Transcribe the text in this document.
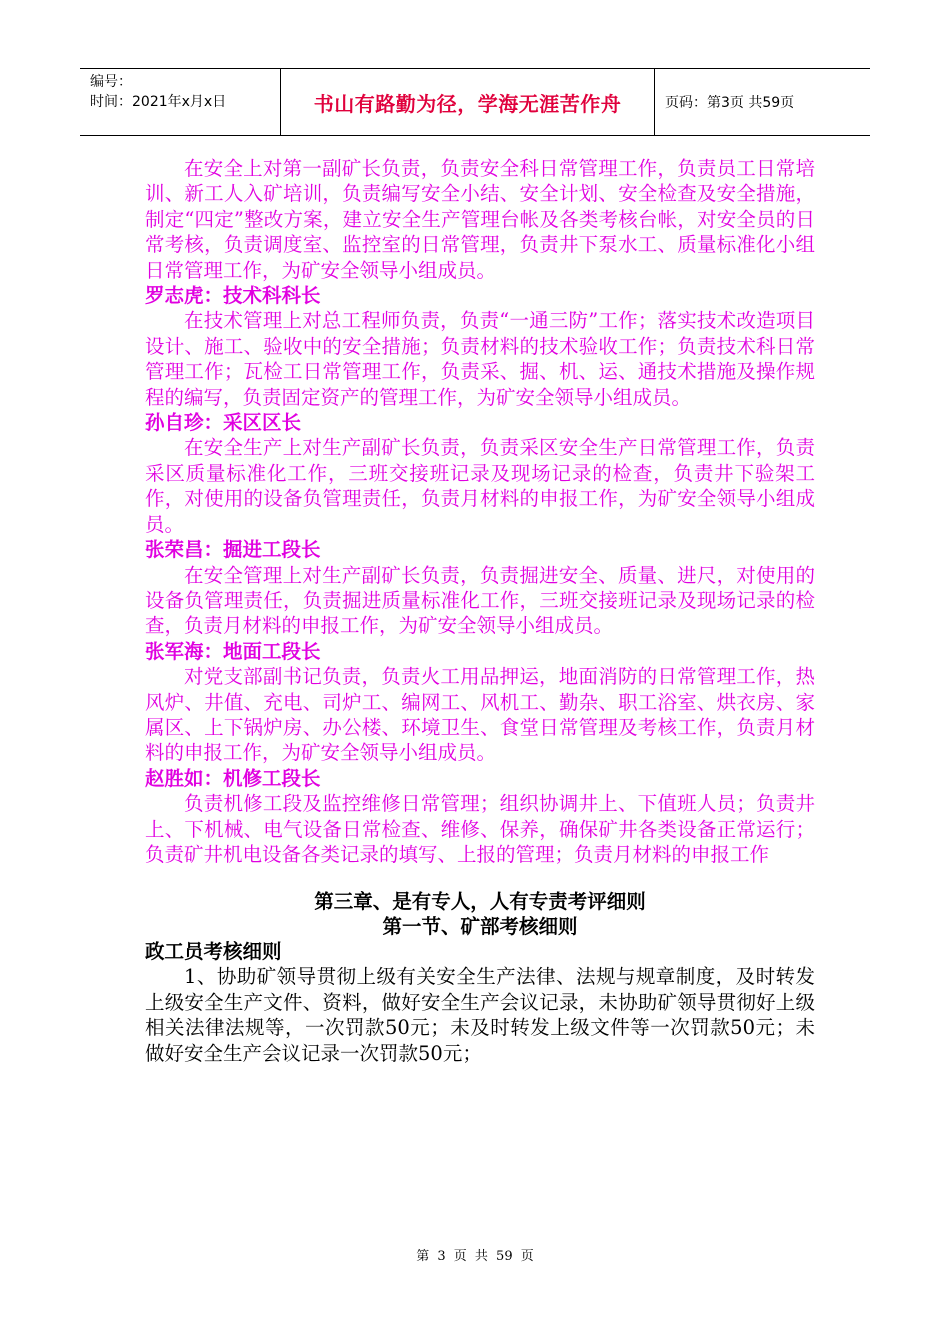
编号：
时间：2021年x月x日	书山有路勤为径，学海无涯苦作舟	页码：第3页 共59页

在安全上对第一副矿长负责，负责安全科日常管理工作，负责员工日常培训、新工人入矿培训，负责编写安全小结、安全计划、安全检查及安全措施，制定“四定”整改方案，建立安全生产管理台帐及各类考核台帐，对安全员的日常考核，负责调度室、监控室的日常管理，负责井下泵水工、质量标准化小组日常管理工作，为矿安全领导小组成员。

罗志虎：技术科科长

在技术管理上对总工程师负责，负责“一通三防”工作；落实技术改造项目设计、施工、验收中的安全措施；负责材料的技术验收工作；负责技术科日常管理工作；瓦检工日常管理工作，负责采、掘、机、运、通技术措施及操作规程的编写，负责固定资产的管理工作，为矿安全领导小组成员。

孙自珍：采区区长

在安全生产上对生产副矿长负责，负责采区安全生产日常管理工作，负责采区质量标准化工作，三班交接班记录及现场记录的检查，负责井下验架工作，对使用的设备负管理责任，负责月材料的申报工作，为矿安全领导小组成员。

张荣昌：掘进工段长

在安全管理上对生产副矿长负责，负责掘进安全、质量、进尺，对使用的设备负管理责任，负责掘进质量标准化工作，三班交接班记录及现场记录的检查，负责月材料的申报工作，为矿安全领导小组成员。

张军海：地面工段长

对党支部副书记负责，负责火工用品押运，地面消防的日常管理工作，热风炉、井值、充电、司炉工、编网工、风机工、勤杂、职工浴室、烘衣房、家属区、上下锅炉房、办公楼、环境卫生、食堂日常管理及考核工作，负责月材料的申报工作，为矿安全领导小组成员。

赵胜如：机修工段长

负责机修工段及监控维修日常管理；组织协调井上、下值班人员；负责井上、下机械、电气设备日常检查、维修、保养，确保矿井各类设备正常运行；负责矿井机电设备各类记录的填写、上报的管理；负责月材料的申报工作

第三章、是有专人，人有专责考评细则

第一节、矿部考核细则

政工员考核细则

1、协助矿领导贯彻上级有关安全生产法律、法规与规章制度，及时转发上级安全生产文件、资料，做好安全生产会议记录，未协助矿领导贯彻好上级相关法律法规等，一次罚款50元；未及时转发上级文件等一次罚款50元；未做好安全生产会议记录一次罚款50元；

第 3 页 共 59 页
